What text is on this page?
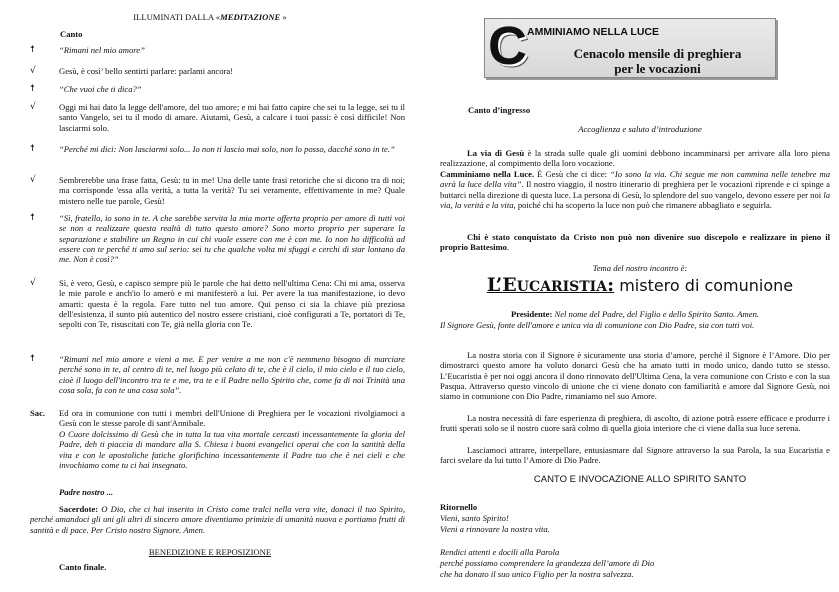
ILLUMINATI DALLA «MEDITAZIONE »
Canto
☨	“Rimani nel mio amore”
√	Gesù, è così’ bello sentirti parlare: parlami ancora!
☨	“Che vuoi che ti dica?”
√	Oggi mi hai dato la legge dell'amore, del tuo amore; e mi hai fatto capire che sei tu la legge, sei tu il santo Vangelo, sei tu il modo di amare. Aiutami, Gesù, a calcare i tuoi passi: è così difficile! Non lasciarmi solo.
☨	“Perché mi dici: Non lasciarmi solo... Io non ti lascio mai solo, non lo posso, dacché sono in te.”
√	Sembrerebbe una frase fatta, Gesù: tu in me! Una delle tante frasi retoriche che si dicono tra di noi; ma corrisponde 'essa alla verità, a tutta la verità? Tu sei veramente, effettivamente in me? Quale mistero nelle tue parole, Gesù!
☨	“Sì, fratello, io sono in te. A che sarebbe servita la mia morte offerta proprio per amore di tutti voi se non a realizzare questa realtà di tutto questo amore? Sono morto proprio per superare la separazione e stabilire un Regno in cui chi vuole essere con me è con me. Io non ho difficoltà ad essere con te perché ti amo sul serio: sei tu che qualche volta mi sfuggi e cerchi di star lontano da me. Non è così?”
√	Sì, è vero, Gesù, e capisco sempre più le parole che hai detto nell'ultima Cena: Chi mi ama, osserva le mie parole e anch'io lo amerò e mi manifesterò a lui. Per avere la tua manifestazione, io devo amarti: questa è la regola. Fare tutto nel tuo amore. Qui penso ci sia la chiave più preziosa dell'esistenza, il sunto più autentico del nostro essere cristiani, cioè configurati a Te, portatori di Te, sepolti con Te, risuscitati con Te, già nella gloria con Te.
☨	“Rimani nel mio amore e vieni a me. E per venire a me non c'è nemmeno bisogno di marciare perché sono in te, al centro di te, nel luogo più celato di te, che è il cielo, il mio cielo e il tuo cielo, cioè il luogo dell'incontro tra te e me, tra te e il Padre nello Spirito che, come fa di noi Trinità una cosa sola, fa con te una cosa sola”.
Sac. Ed ora in comunione con tutti i membri dell'Unione di Preghiera per le vocazioni rivolgiamoci a Gesù con le stesse parole di sant'Annibale.
O Cuore dolcissimo di Gesù che in tutta la tua vita mortale cercasti incessantemente la gloria del Padre, deh ti piaccia di mandare alla S. Chiesa i buoni evangelici operai che con la santità della vita e con le apostoliche fatiche glorifichino incessantemente il Padre tuo che è nei cieli e che invochiamo come tu ci hai insegnato.
Padre nostro ...
Sacerdote: O Dio, che ci hai inserito in Cristo come tralci nella vera vite, donaci il tuo Spirito, perché amandoci gli uni gli altri di sincero amore diventiamo primizie di umanità nuova e portiamo frutti di santità e di pace. Per Cristo nostro Signore. Amen.
BENEDIZIONE E REPOSIZIONE
Canto finale.
C AMMINIAMO NELLA LUCE
Cenacolo mensile di preghiera
per le vocazioni
Canto d’ingresso
Accoglienza e saluto d’introduzione
La via di Gesù è la strada sulle quale gli uomini debbono incamminarsi per arrivare alla loro piena realizzazione, al compimento della loro vocazione.
Camminiamo nella Luce. È Gesù che ci dice: “Io sono la via. Chi segue me non cammina nelle tenebre ma avrà la luce della vita”. Il nostro viaggio, il nostro itinerario di preghiera per le vocazioni riprende e ci spinge a buttarci nella direzione di questa luce. La persona di Gesù, lo splendore del suo vangelo, devono essere per noi la via, la verità e la vita, poiché chi ha scoperto la luce non può che rimanere abbagliato e seguirla.
Chi è stato conquistato da Cristo non può non divenire suo discepolo e realizzare in pieno il proprio Battesimo.
Tema del nostro incontro è:
L’EUCARISTIA: mistero di comunione
Presidente: Nel nome del Padre, del Figlio e dello Spirito Santo. Amen.
Il Signore Gesù, fonte dell'amore e unica via di comunione con Dio Padre, sia con tutti voi.
La nostra storia con il Signore è sicuramente una storia d’amore, perché il Signore è l’Amore. Dio per dimostrarci questo amore ha voluto donarci Gesù che ha amato tutti in modo unico, dando tutto se stesso. L’Eucaristia è per noi oggi ancora il dono rinnovato dell'Ultima Cena, la vera comunione con Cristo e con la sua Pasqua. Attraverso questo vincolo di unione che ci viene donato con familiarità e amore dal Signore Gesù, noi siamo in comunione con Dio Padre, rimaniamo nel suo Amore.
La nostra necessità di fare esperienza di preghiera, di ascolto, di azione potrà essere efficace e produrre i frutti sperati solo se il nostro cuore sarà colmo di quella gioia interiore che ci viene dalla sua luce serena.
Lasciamoci attrarre, interpellare, entusiasmare dal Signore attraverso la sua Parola, la sua Eucaristia e farci svelare da lui tutto l’Amore di Dio Padre.
CANTO E INVOCAZIONE ALLO SPIRITO SANTO
Ritornello
Vieni, santo Spirito!
Vieni a rinnovare la nostra vita.
Rendici attenti e docili alla Parola
perché possiamo comprendere la grandezza dell’amore di Dio
che ha donato il suo unico Figlio per la nostra salvezza.
